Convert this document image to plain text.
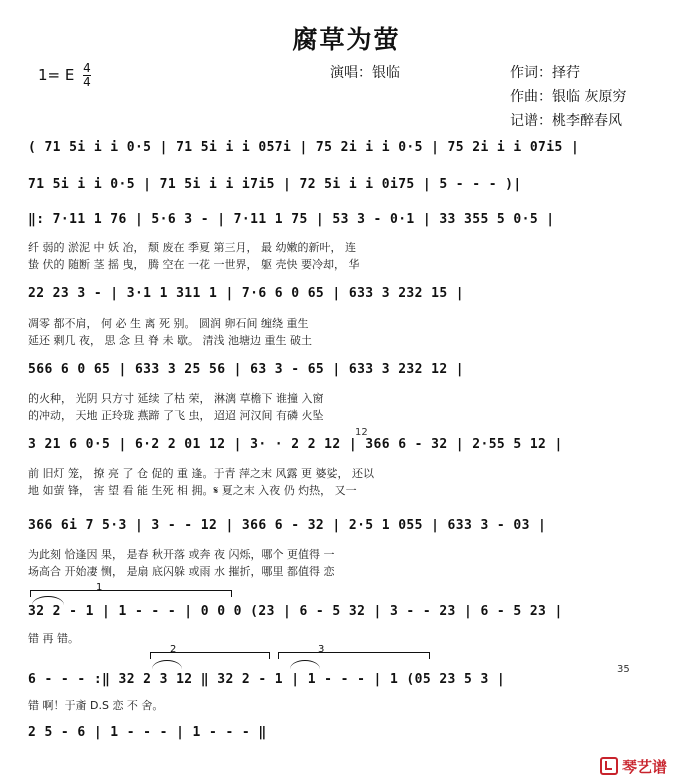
腐草为萤
1= E $\frac{4}{4}$	演唱：银临	作词：择荇
作曲：银临 灰原穷
记谱：桃李醉春风
( 71 5i i i 0·5 | 71 5i i i 057i | 75 2i i i 0·5 | 75 2i i i 07i5 |
71 5i i i 0·5 | 71 5i i i i7i5 | 72 5i i i 0i75 | 5 - - - )|
‖: 7·11 1 76 | 5·6 3 - | 7·11 1 75 | 53 3 - 0·1 | 33 355 5 0·5 |
纤 弱的 淤泥 中 妖 冶， 颓 废在 季夏 第三月， 最 幼嫩的新叶， 连
蛰 伏的 随断 茎 摇 曳， 腾 空在 一花 一世界， 躯 壳快 要冷却， 华
22 23 3 - | 3·1 1 311 1 | 7·6 6 0 65 | 633 3 232 15 |
凋零 都不肩， 何 必 生 离 死 别。 圆润 卵石间 缠绕 重生
延还 剩几 夜， 思 念 旦 脊 未 歇。 清浅 池塘边 重生 破土
566 6 0 65 | 633 3 25 56 | 63 3 - 65 | 633 3 232 12 |
的火种， 光阴 只方寸 延续 了枯 荣， 淋漓 草檐下 谁撞 入窗
的冲动， 天地 正玲珑 燕蹄 了飞 虫， 迢迢 河汉间 有磷 火坠
3 21 6 0·5 | 6·2 2 01 12 | 3· · 2 2 12 | 366 6 - 32 | 2·55 5 12 |
12
前 旧灯 笼， 撩 亮 了 仓 促的 重 逢。于青 萍之末 风露 更 婆娑， 还以
地 如萤 锋， 害 望 看 能 生死 相 拥。𝄋 夏之末 入夜 仍 灼热， 又一
366 6i 7 5·3 | 3 - - 12 | 366 6 - 32 | 2·5 1 055 | 633 3 - 03 |
为此刻 恰逢因 果， 是春 秋开落 或奔 夜 闪烁，哪个 更值得 一
场高合 开始凄 恻， 是扇 底闪躲 或雨 水 摧折，哪里 都值得 恋
1
32 2 - 1 | 1 - - - | 0 0 0 (23 | 6 - 5 32 | 3 - - 23 | 6 - 5 23 |
错 再 错。
2	3
35
6 - - - :‖ 32 2 3 12 ‖ 32 2 - 1 | 1 - - - | 1 (05 23 5 3 |
错 啊！于齑 D.S 恋 不 舍。
2 5 - 6 | 1 - - - | 1 - - - ‖
琴艺谱
